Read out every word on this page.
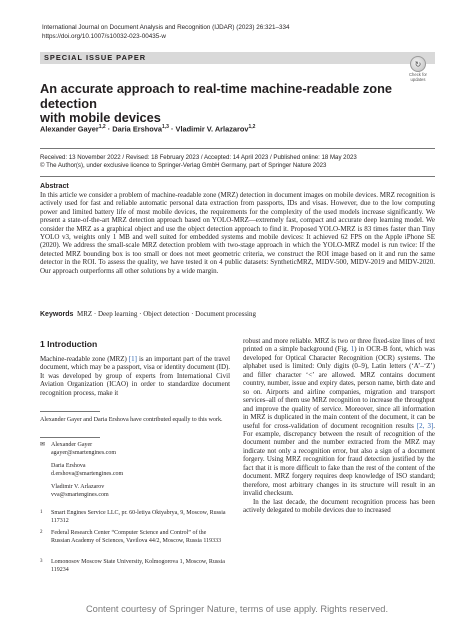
International Journal on Document Analysis and Recognition (IJDAR) (2023) 26:321–334
https://doi.org/10.1007/s10032-023-00435-w
SPECIAL ISSUE PAPER
↻
Check for
updates
An accurate approach to real-time machine-readable zone detection
with mobile devices
Alexander Gayer$^{1,2}$ · Daria Ershova$^{1,3}$ · Vladimir V. Arlazarov$^{1,2}$
Received: 13 November 2022 / Revised: 18 February 2023 / Accepted: 14 April 2023 / Published online: 18 May 2023
© The Author(s), under exclusive licence to Springer-Verlag GmbH Germany, part of Springer Nature 2023
Abstract
In this article we consider a problem of machine-readable zone (MRZ) detection in document images on mobile devices. MRZ recognition is actively used for fast and reliable automatic personal data extraction from passports, IDs and visas. However, due to the low computing power and limited battery life of most mobile devices, the requirements for the complexity of the used models increase significantly. We present a state-of-the-art MRZ detection approach based on YOLO-MRZ—extremely fast, compact and accurate deep learning model. We consider the MRZ as a graphical object and use the object detection approach to find it. Proposed YOLO-MRZ is 83 times faster than Tiny YOLO v3, weights only 1 MB and well suited for embedded systems and mobile devices: It achieved 62 FPS on the Apple iPhone SE (2020). We address the small-scale MRZ detection problem with two-stage approach in which the YOLO-MRZ model is run twice: If the detected MRZ bounding box is too small or does not meet geometric criteria, we construct the ROI image based on it and run the same detector in the ROI. To assess the quality, we have tested it on 4 public datasets: SyntheticMRZ, MIDV-500, MIDV-2019 and MIDV-2020. Our approach outperforms all other solutions by a wide margin.
Keywords MRZ · Deep learning · Object detection · Document processing
1 Introduction
Machine-readable zone (MRZ) [1] is an important part of the travel document, which may be a passport, visa or identity document (ID). It was developed by group of experts from International Civil Aviation Organization (ICAO) in order to standardize document recognition process, make it
Alexander Gayer and Daria Ershova have contributed equally to this work.
✉ Alexander Gayer
agayer@smartengines.com
Daria Ershova
d.ershova@smartengines.com
Vladimir V. Arlazarov
vva@smartengines.com
1 Smart Engines Service LLC, pr. 60-letiya Oktyabrya, 9, Moscow, Russia 117312
2 Federal Research Center “Computer Science and Control” of the Russian Academy of Sciences, Vavilova 44/2, Moscow, Russia 119333
3 Lomonosov Moscow State University, Kolmogorova 1, Moscow, Russia 119234
robust and more reliable. MRZ is two or three fixed-size lines of text printed on a simple background (Fig. 1) in OCR-B font, which was developed for Optical Character Recognition (OCR) systems. The alphabet used is limited: Only digits (0–9), Latin letters (‘A’–‘Z’) and filler character ‘<’ are allowed. MRZ contains document country, number, issue and expiry dates, person name, birth date and so on. Airports and airline companies, migration and transport services–all of them use MRZ recognition to increase the throughput and improve the quality of service. Moreover, since all information in MRZ is duplicated in the main content of the document, it can be useful for cross-validation of document recognition results [2, 3]. For example, discrepancy between the result of recognition of the document number and the number extracted from the MRZ may indicate not only a recognition error, but also a sign of a document forgery. Using MRZ recognition for fraud detection justified by the fact that it is more difficult to fake than the rest of the content of the document. MRZ forgery requires deep knowledge of ISO standard; therefore, most arbitrary changes in its structure will result in an invalid checksum.
In the last decade, the document recognition process has been actively delegated to mobile devices due to increased
Content courtesy of Springer Nature, terms of use apply. Rights reserved.
